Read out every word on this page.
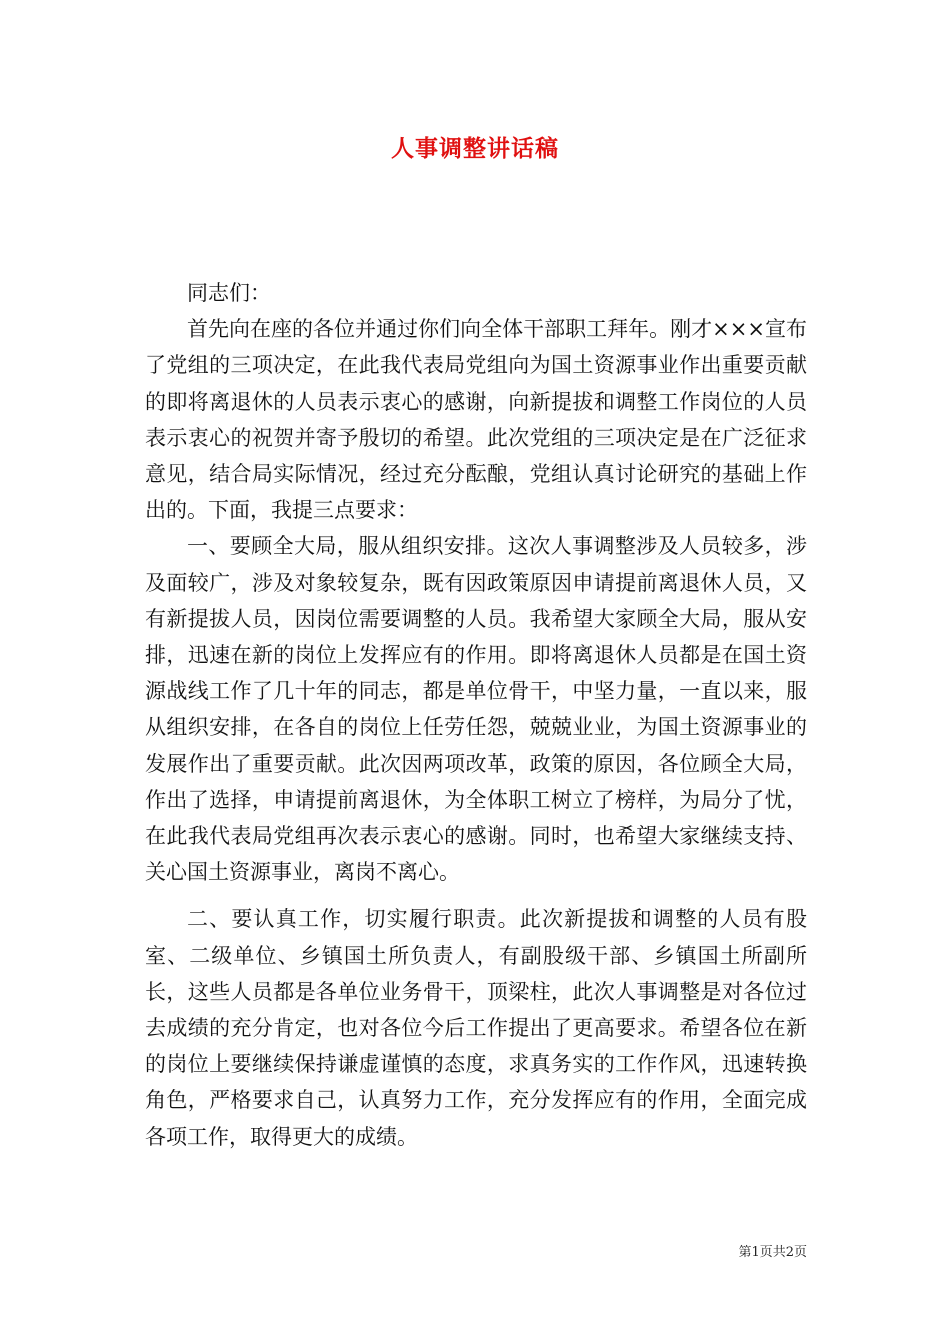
人事调整讲话稿

同志们：

首先向在座的各位并通过你们向全体干部职工拜年。刚才×××宣布了党组的三项决定，在此我代表局党组向为国土资源事业作出重要贡献的即将离退休的人员表示衷心的感谢，向新提拔和调整工作岗位的人员表示衷心的祝贺并寄予殷切的希望。此次党组的三项决定是在广泛征求意见，结合局实际情况，经过充分酝酿，党组认真讨论研究的基础上作出的。下面，我提三点要求：

一、要顾全大局，服从组织安排。这次人事调整涉及人员较多，涉及面较广，涉及对象较复杂，既有因政策原因申请提前离退休人员，又有新提拔人员，因岗位需要调整的人员。我希望大家顾全大局，服从安排，迅速在新的岗位上发挥应有的作用。即将离退休人员都是在国土资源战线工作了几十年的同志，都是单位骨干，中坚力量，一直以来，服从组织安排，在各自的岗位上任劳任怨，兢兢业业，为国土资源事业的发展作出了重要贡献。此次因两项改革，政策的原因，各位顾全大局，作出了选择，申请提前离退休，为全体职工树立了榜样，为局分了忧，在此我代表局党组再次表示衷心的感谢。同时，也希望大家继续支持、关心国土资源事业，离岗不离心。

二、要认真工作，切实履行职责。此次新提拔和调整的人员有股室、二级单位、乡镇国土所负责人，有副股级干部、乡镇国土所副所长，这些人员都是各单位业务骨干，顶梁柱，此次人事调整是对各位过去成绩的充分肯定，也对各位今后工作提出了更高要求。希望各位在新的岗位上要继续保持谦虚谨慎的态度，求真务实的工作作风，迅速转换角色，严格要求自己，认真努力工作，充分发挥应有的作用，全面完成各项工作，取得更大的成绩。

第1页共2页
